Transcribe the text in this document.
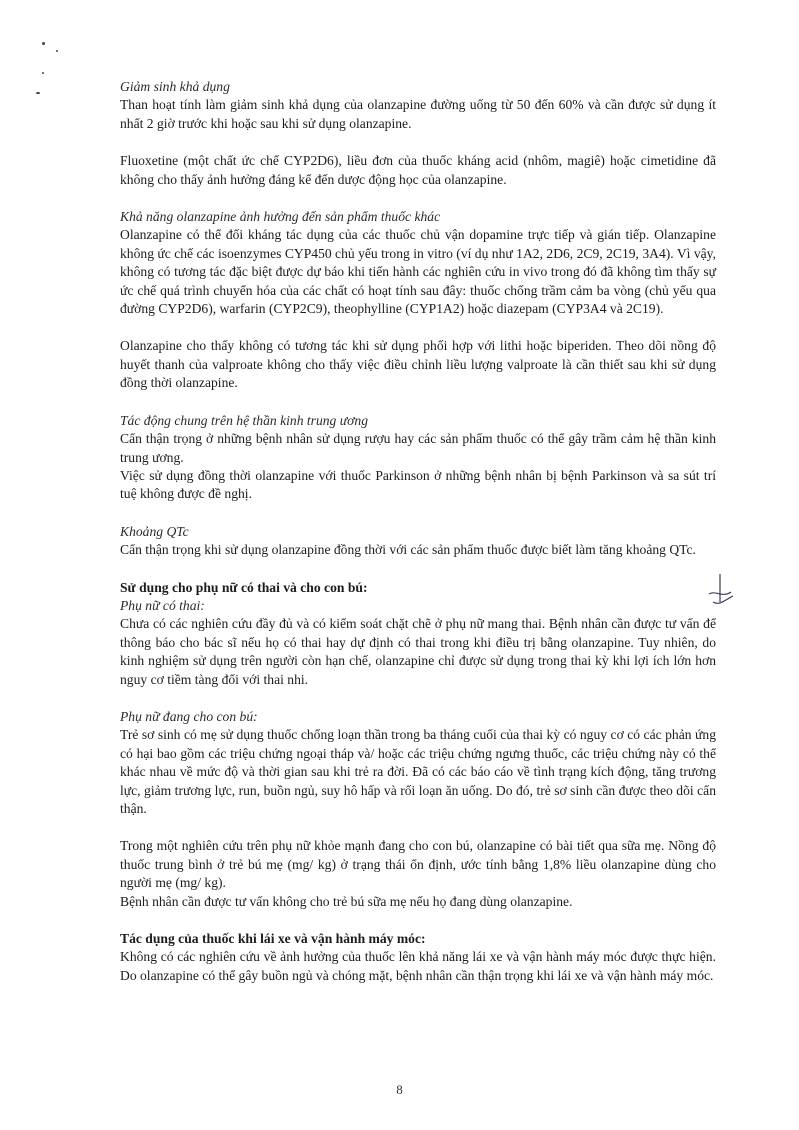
Giảm sinh khả dụng

Than hoạt tính làm giảm sinh khả dụng của olanzapine đường uống từ 50 đến 60% và cần được sử dụng ít nhất 2 giờ trước khi hoặc sau khi sử dụng olanzapine.

Fluoxetine (một chất ức chế CYP2D6), liều đơn của thuốc kháng acid (nhôm, magiê) hoặc cimetidine đã không cho thấy ảnh hưởng đáng kể đến dược động học của olanzapine.

Khả năng olanzapine ảnh hưởng đến sản phẩm thuốc khác

Olanzapine có thể đối kháng tác dụng của các thuốc chủ vận dopamine trực tiếp và gián tiếp. Olanzapine không ức chế các isoenzymes CYP450 chủ yếu trong in vitro (ví dụ như 1A2, 2D6, 2C9, 2C19, 3A4). Vì vậy, không có tương tác đặc biệt được dự báo khi tiến hành các nghiên cứu in vivo trong đó đã không tìm thấy sự ức chế quá trình chuyển hóa của các chất có hoạt tính sau đây: thuốc chống trầm cảm ba vòng (chủ yếu qua đường CYP2D6), warfarin (CYP2C9), theophylline (CYP1A2) hoặc diazepam (CYP3A4 và 2C19).

Olanzapine cho thấy không có tương tác khi sử dụng phối hợp với lithi hoặc biperiden. Theo dõi nồng độ huyết thanh của valproate không cho thấy việc điều chỉnh liều lượng valproate là cần thiết sau khi sử dụng đồng thời olanzapine.

Tác động chung trên hệ thần kinh trung ương

Cẩn thận trọng ở những bệnh nhân sử dụng rượu hay các sản phẩm thuốc có thể gây trầm cảm hệ thần kinh trung ương.

Việc sử dụng đồng thời olanzapine với thuốc Parkinson ở những bệnh nhân bị bệnh Parkinson và sa sút trí tuệ không được đề nghị.

Khoảng QTc

Cẩn thận trọng khi sử dụng olanzapine đồng thời với các sản phẩm thuốc được biết làm tăng khoảng QTc.

Sử dụng cho phụ nữ có thai và cho con bú:

Phụ nữ có thai:

Chưa có các nghiên cứu đầy đủ và có kiểm soát chặt chẽ ở phụ nữ mang thai. Bệnh nhân cần được tư vấn để thông báo cho bác sĩ nếu họ có thai hay dự định có thai trong khi điều trị bằng olanzapine. Tuy nhiên, do kinh nghiệm sử dụng trên người còn hạn chế, olanzapine chỉ được sử dụng trong thai kỳ khi lợi ích lớn hơn nguy cơ tiềm tàng đối với thai nhi.

Phụ nữ đang cho con bú:

Trẻ sơ sinh có mẹ sử dụng thuốc chống loạn thần trong ba tháng cuối của thai kỳ có nguy cơ có các phản ứng có hại bao gồm các triệu chứng ngoại tháp và/ hoặc các triệu chứng ngưng thuốc, các triệu chứng này có thể khác nhau về mức độ và thời gian sau khi trẻ ra đời. Đã có các báo cáo về tình trạng kích động, tăng trương lực, giảm trương lực, run, buồn ngủ, suy hô hấp và rối loạn ăn uống. Do đó, trẻ sơ sinh cần được theo dõi cẩn thận.

Trong một nghiên cứu trên phụ nữ khỏe mạnh đang cho con bú, olanzapine có bài tiết qua sữa mẹ. Nồng độ thuốc trung bình ở trẻ bú mẹ (mg/ kg) ở trạng thái ổn định, ước tính bằng 1,8% liều olanzapine dùng cho người mẹ (mg/ kg).

Bệnh nhân cần được tư vấn không cho trẻ bú sữa mẹ nếu họ đang dùng olanzapine.

Tác dụng của thuốc khi lái xe và vận hành máy móc:

Không có các nghiên cứu về ảnh hưởng của thuốc lên khả năng lái xe và vận hành máy móc được thực hiện. Do olanzapine có thể gây buồn ngủ và chóng mặt, bệnh nhân cần thận trọng khi lái xe và vận hành máy móc.

8
